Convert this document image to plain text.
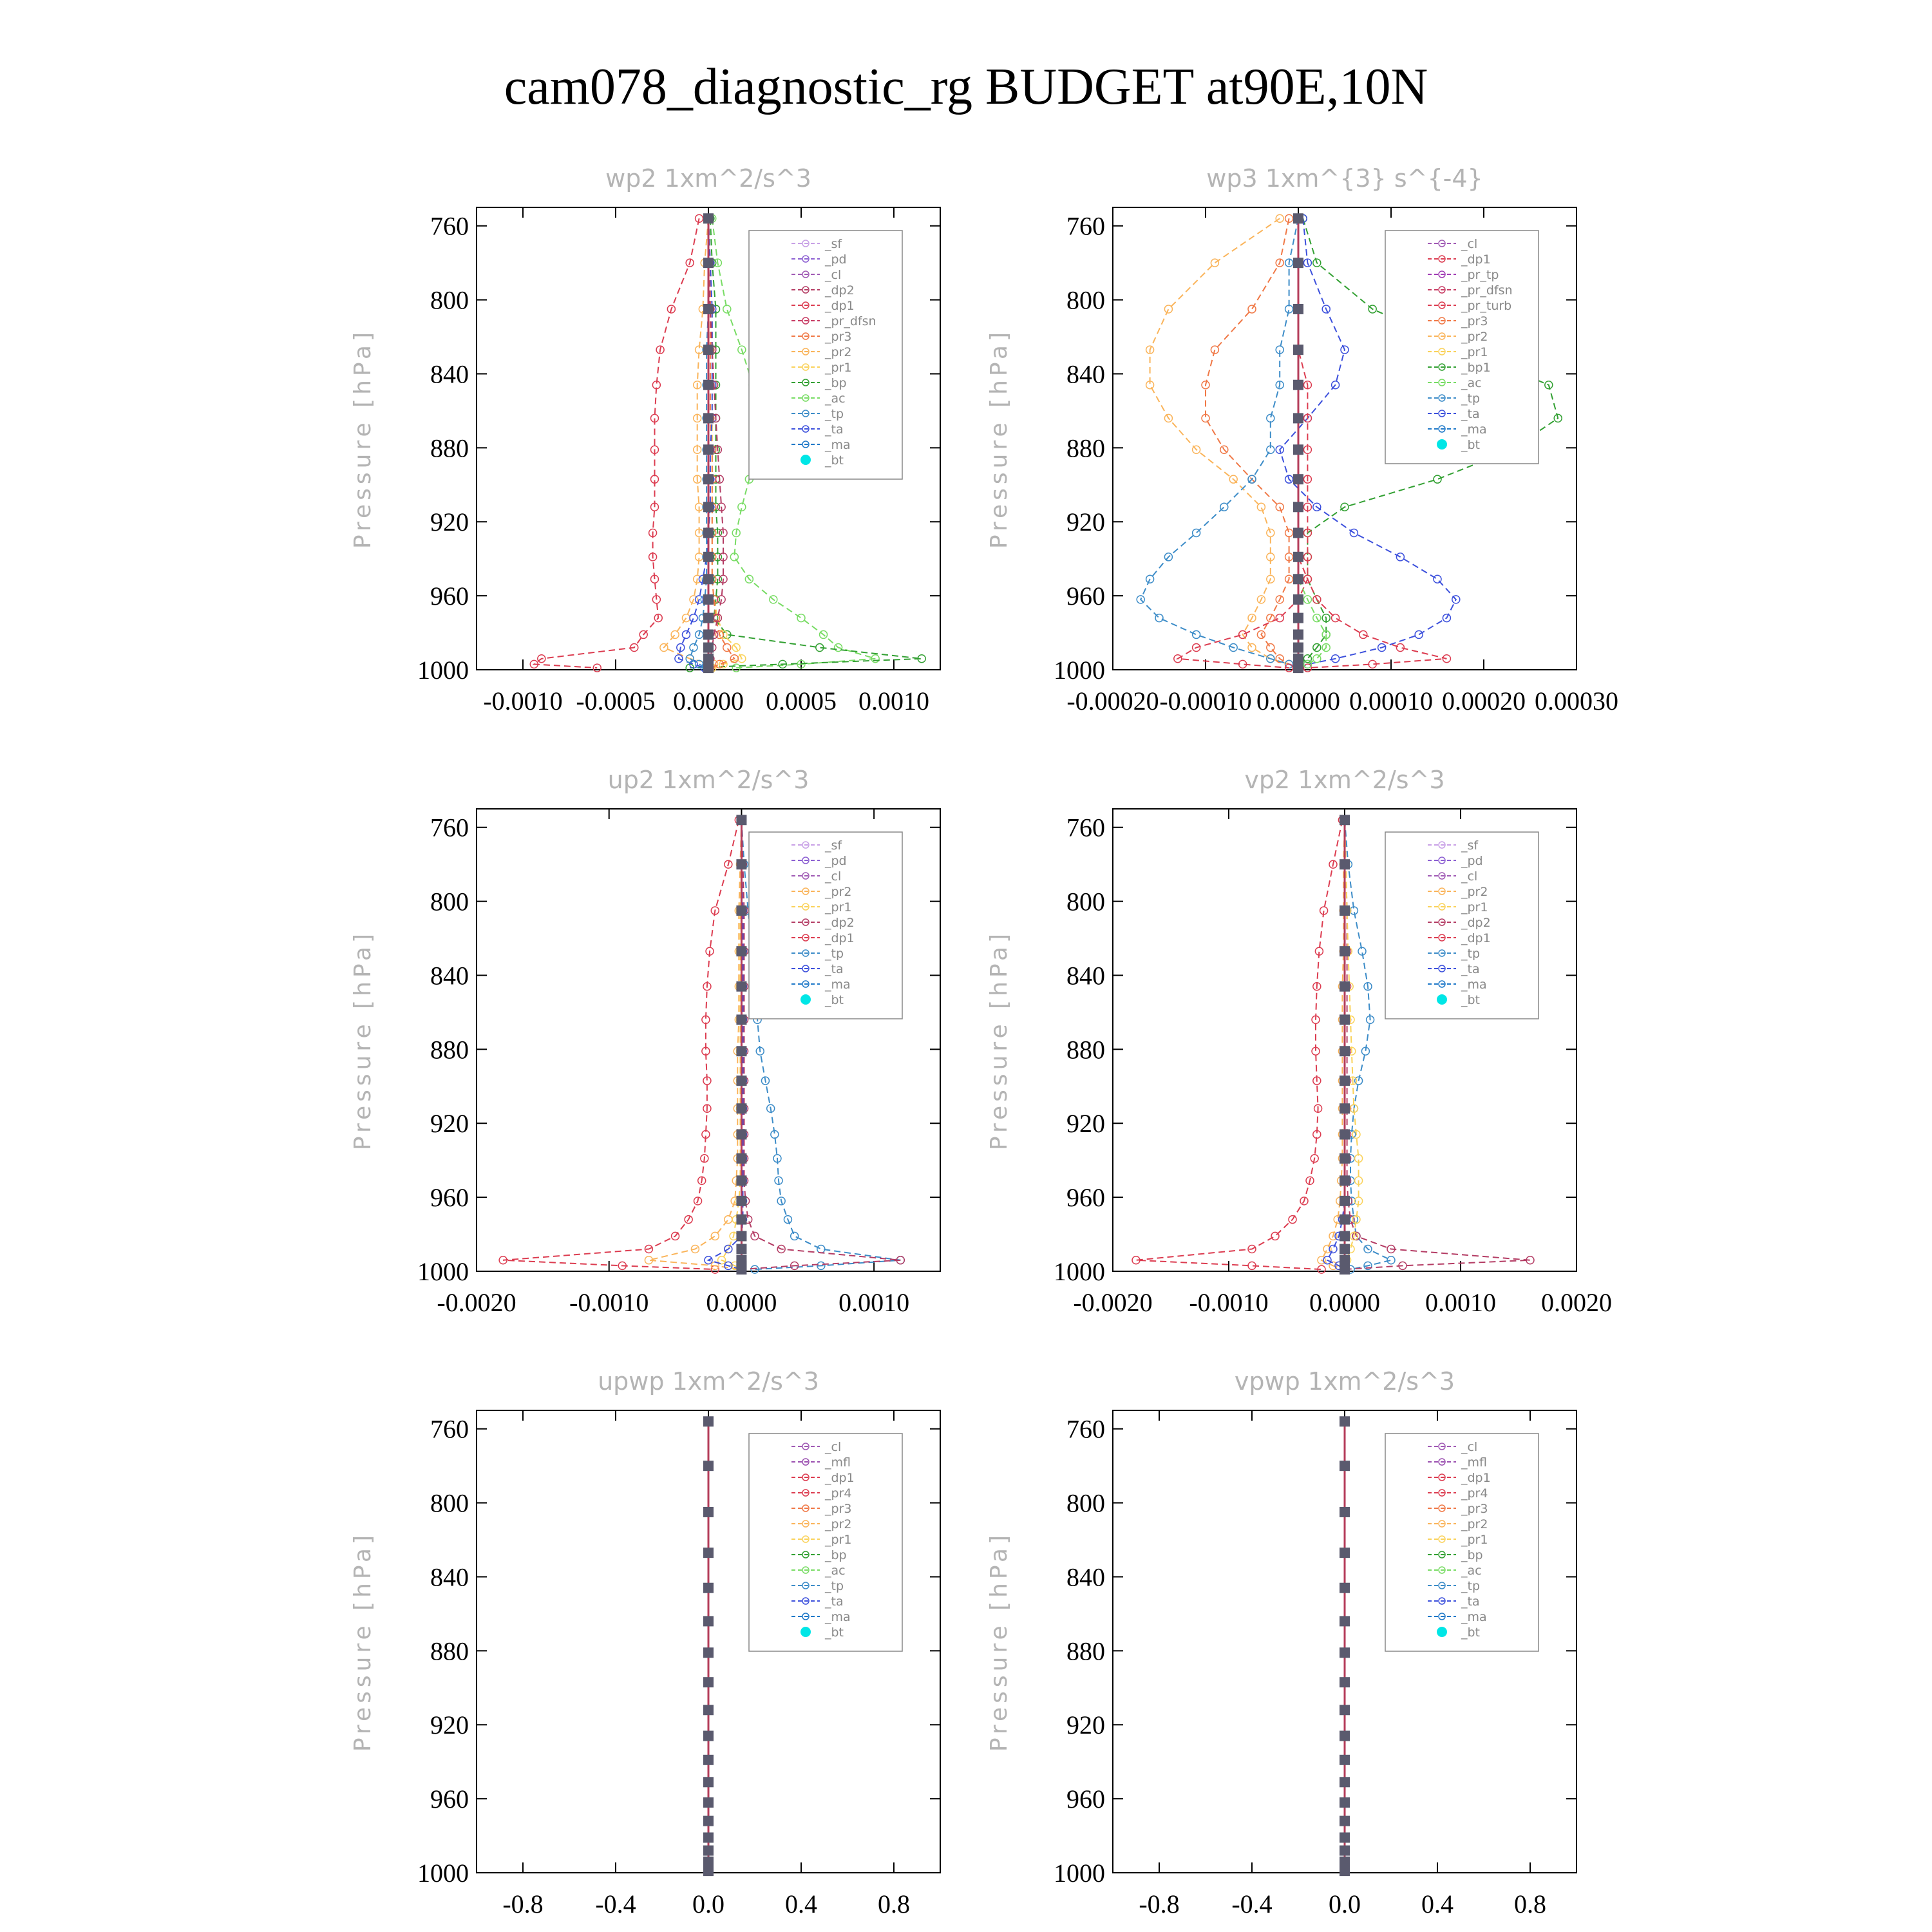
cam078_diagnostic_rg BUDGET at90E,10N
wp2 1xm^2/s^3
Pressure [hPa]
760
800
840
880
920
960
1000
-0.0010 -0.0005 0.0000 0.0005 0.0010
_sf
_pd
_cl
_dp2
_dp1
_pr_dfsn
_pr3
_pr2
_pr1
_bp
_ac
_tp
_ta
_ma
_bt
wp3 1xm^{3} s^{-4}
Pressure [hPa]
760
800
840
880
920
960
1000
-0.00020 -0.00010 0.00000 0.00010 0.00020 0.00030
_cl
_dp1
_pr_tp
_pr_dfsn
_pr_turb
_pr3
_pr2
_pr1
_bp1
_ac
_tp
_ta
_ma
_bt
up2 1xm^2/s^3
Pressure [hPa]
760
800
840
880
920
960
1000
-0.0020 -0.0010 0.0000 0.0010
_sf
_pd
_cl
_pr2
_pr1
_dp2
_dp1
_tp
_ta
_ma
_bt
vp2 1xm^2/s^3
Pressure [hPa]
760
800
840
880
920
960
1000
-0.0020 -0.0010 0.0000 0.0010 0.0020
_sf
_pd
_cl
_pr2
_pr1
_dp2
_dp1
_tp
_ta
_ma
_bt
upwp 1xm^2/s^3
Pressure [hPa]
760
800
840
880
920
960
1000
-0.8 -0.4 0.0 0.4 0.8
_cl
_mfl
_dp1
_pr4
_pr3
_pr2
_pr1
_bp
_ac
_tp
_ta
_ma
_bt
vpwp 1xm^2/s^3
Pressure [hPa]
760
800
840
880
920
960
1000
-0.8 -0.4 0.0 0.4 0.8
_cl
_mfl
_dp1
_pr4
_pr3
_pr2
_pr1
_bp
_ac
_tp
_ta
_ma
_bt
